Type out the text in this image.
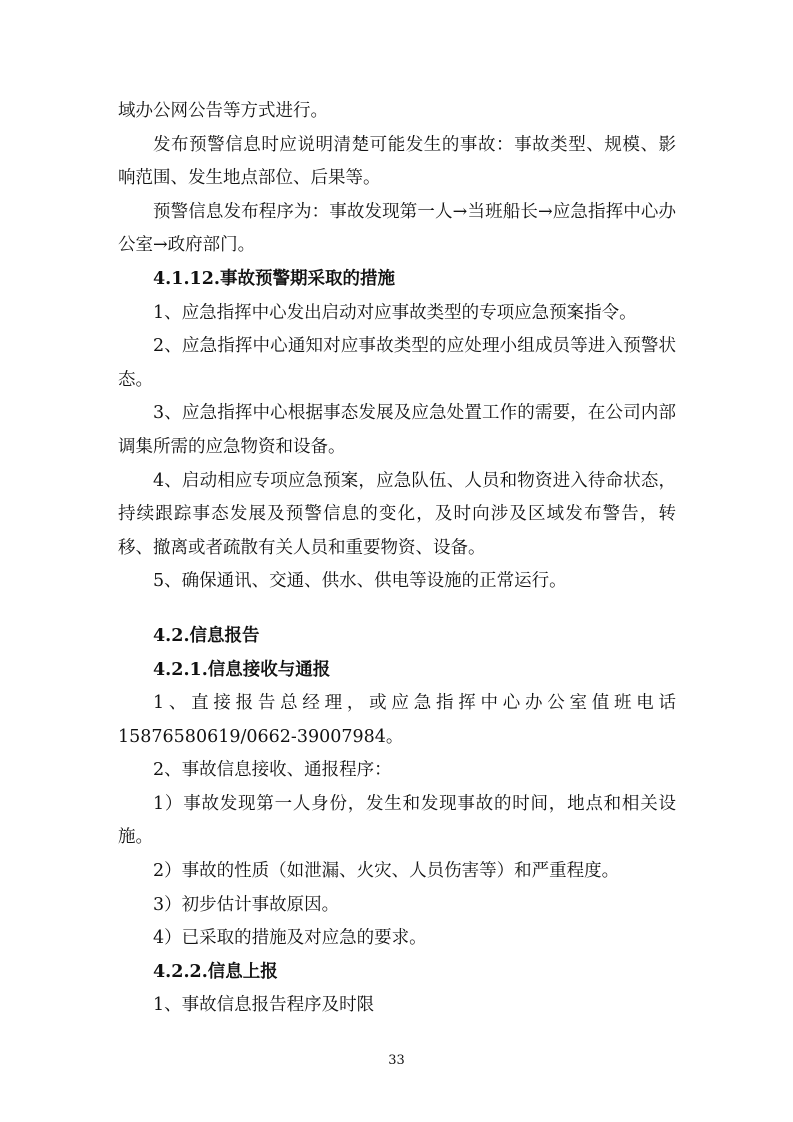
域办公网公告等方式进行。

发布预警信息时应说明清楚可能发生的事故：事故类型、规模、影响范围、发生地点部位、后果等。

预警信息发布程序为：事故发现第一人→当班船长→应急指挥中心办公室→政府部门。

4.1.12.事故预警期采取的措施

1、应急指挥中心发出启动对应事故类型的专项应急预案指令。

2、应急指挥中心通知对应事故类型的应处理小组成员等进入预警状态。

3、应急指挥中心根据事态发展及应急处置工作的需要，在公司内部调集所需的应急物资和设备。

4、启动相应专项应急预案，应急队伍、人员和物资进入待命状态，持续跟踪事态发展及预警信息的变化，及时向涉及区域发布警告，转移、撤离或者疏散有关人员和重要物资、设备。

5、确保通讯、交通、供水、供电等设施的正常运行。

4.2.信息报告

4.2.1.信息接收与通报

1、直接报告总经理，或应急指挥中心办公室值班电话15876580619/0662-39007984。

2、事故信息接收、通报程序：

1）事故发现第一人身份，发生和发现事故的时间，地点和相关设施。

2）事故的性质（如泄漏、火灾、人员伤害等）和严重程度。

3）初步估计事故原因。

4）已采取的措施及对应急的要求。

4.2.2.信息上报

1、事故信息报告程序及时限

33
